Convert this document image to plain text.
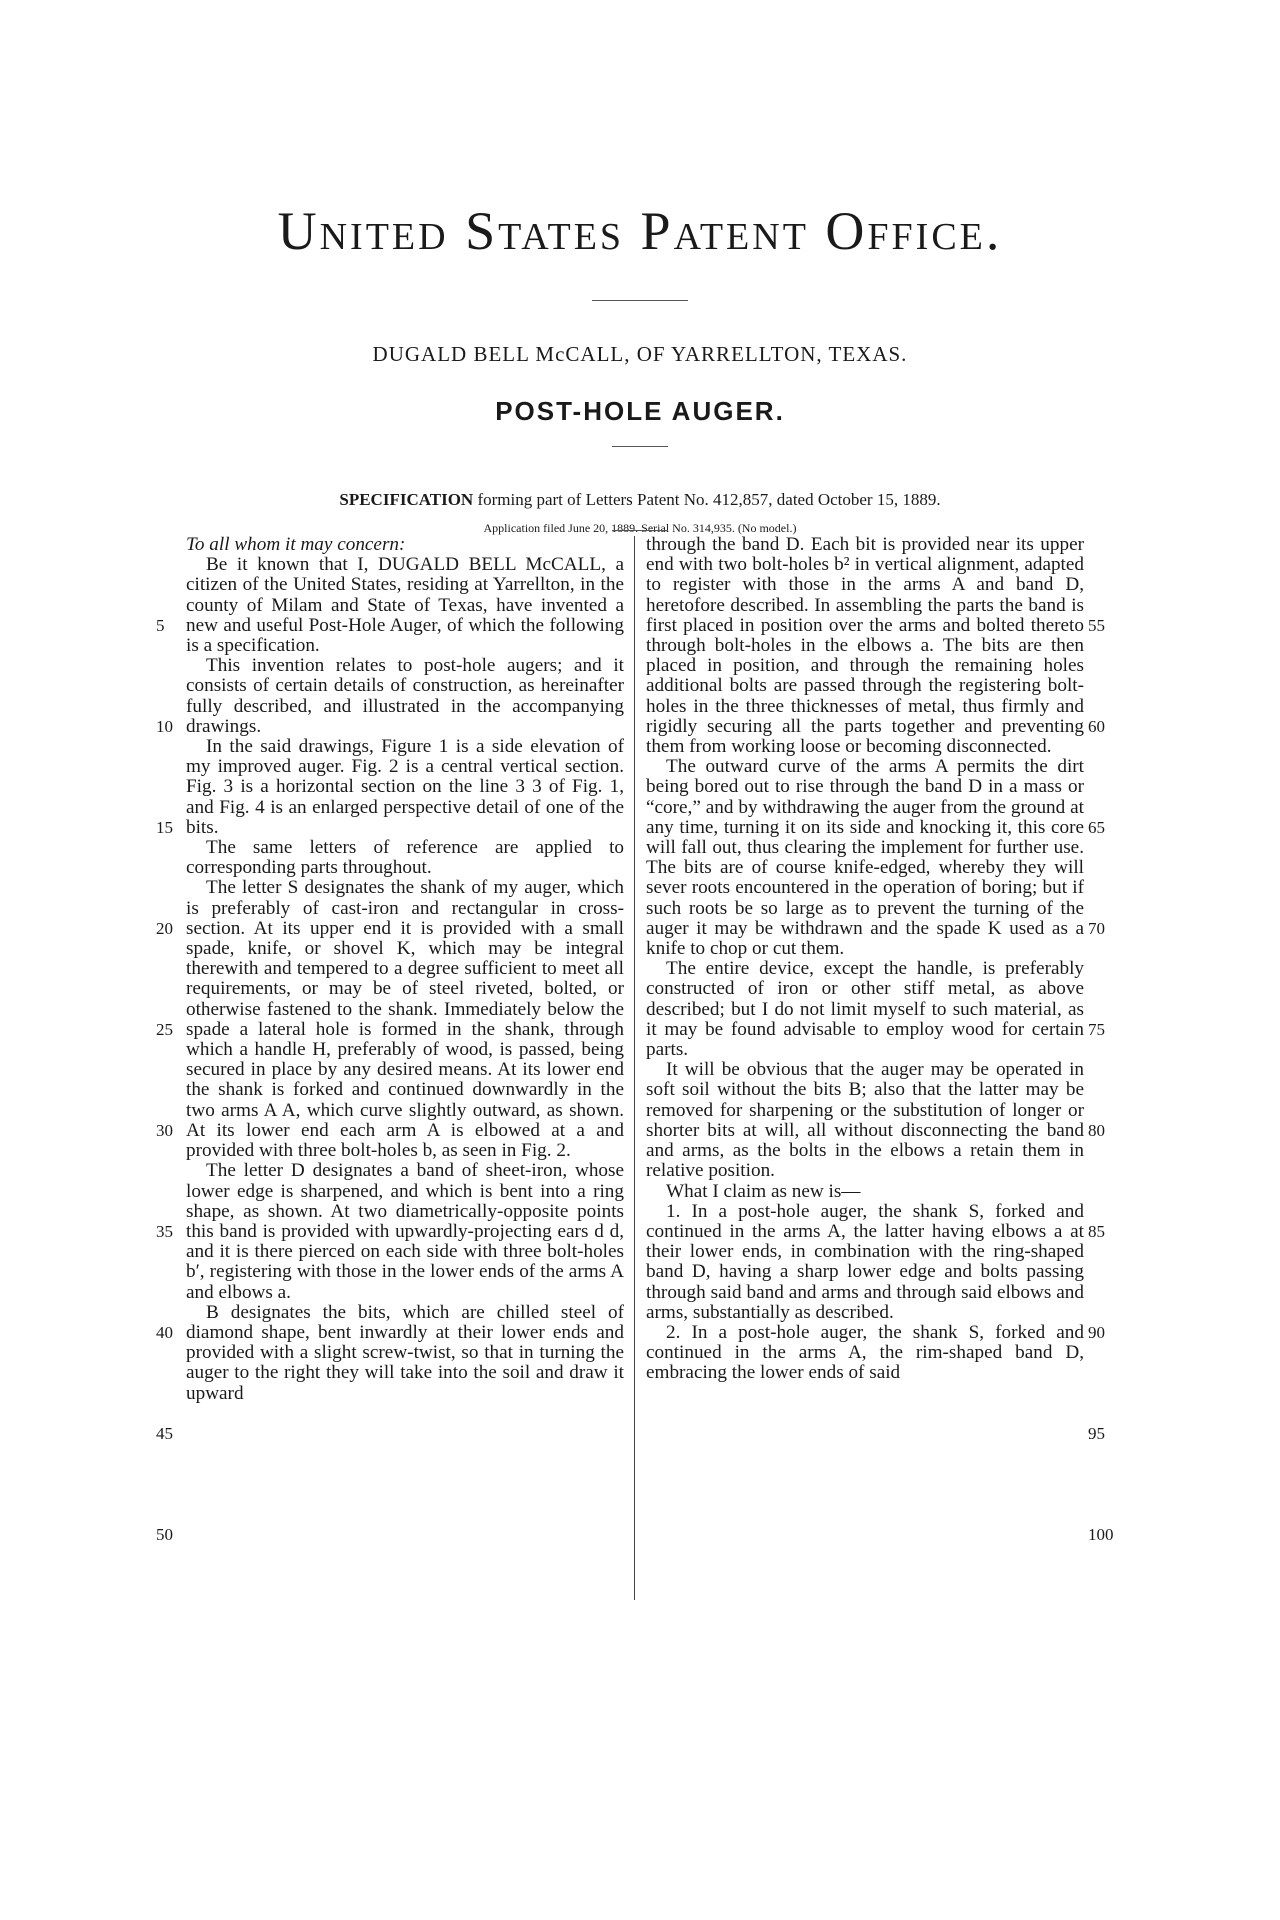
United States Patent Office.
DUGALD BELL McCALL, OF YARRELLTON, TEXAS.
POST-HOLE AUGER.
SPECIFICATION forming part of Letters Patent No. 412,857, dated October 15, 1889.
Application filed June 20, 1889. Serial No. 314,935. (No model.)

To all whom it may concern:

Be it known that I, DUGALD BELL McCALL, a citizen of the United States, residing at Yarrellton, in the county of Milam and State of Texas, have invented a new and useful Post-Hole Auger, of which the following is a specification.

This invention relates to post-hole augers; and it consists of certain details of construction, as hereinafter fully described, and illustrated in the accompanying drawings.

In the said drawings, Figure 1 is a side elevation of my improved auger. Fig. 2 is a central vertical section. Fig. 3 is a horizontal section on the line 3 3 of Fig. 1, and Fig. 4 is an enlarged perspective detail of one of the bits.

The same letters of reference are applied to corresponding parts throughout.

The letter S designates the shank of my auger, which is preferably of cast-iron and rectangular in cross-section. At its upper end it is provided with a small spade, knife, or shovel K, which may be integral therewith and tempered to a degree sufficient to meet all requirements, or may be of steel riveted, bolted, or otherwise fastened to the shank. Immediately below the spade a lateral hole is formed in the shank, through which a handle H, preferably of wood, is passed, being secured in place by any desired means. At its lower end the shank is forked and continued downwardly in the two arms A A, which curve slightly outward, as shown. At its lower end each arm A is elbowed at a and provided with three bolt-holes b, as seen in Fig. 2.

The letter D designates a band of sheet-iron, whose lower edge is sharpened, and which is bent into a ring shape, as shown. At two diametrically-opposite points this band is provided with upwardly-projecting ears d d, and it is there pierced on each side with three bolt-holes b′, registering with those in the lower ends of the arms A and elbows a.

B designates the bits, which are chilled steel of diamond shape, bent inwardly at their lower ends and provided with a slight screw-twist, so that in turning the auger to the right they will take into the soil and draw it upward

through the band D. Each bit is provided near its upper end with two bolt-holes b² in vertical alignment, adapted to register with those in the arms A and band D, heretofore described. In assembling the parts the band is first placed in position over the arms and bolted thereto through bolt-holes in the elbows a. The bits are then placed in position, and through the remaining holes additional bolts are passed through the registering bolt-holes in the three thicknesses of metal, thus firmly and rigidly securing all the parts together and preventing them from working loose or becoming disconnected.

The outward curve of the arms A permits the dirt being bored out to rise through the band D in a mass or “core,” and by withdrawing the auger from the ground at any time, turning it on its side and knocking it, this core will fall out, thus clearing the implement for further use. The bits are of course knife-edged, whereby they will sever roots encountered in the operation of boring; but if such roots be so large as to prevent the turning of the auger it may be withdrawn and the spade K used as a knife to chop or cut them.

The entire device, except the handle, is preferably constructed of iron or other stiff metal, as above described; but I do not limit myself to such material, as it may be found advisable to employ wood for certain parts.

It will be obvious that the auger may be operated in soft soil without the bits B; also that the latter may be removed for sharpening or the substitution of longer or shorter bits at will, all without disconnecting the band and arms, as the bolts in the elbows a retain them in relative position.

What I claim as new is—

1. In a post-hole auger, the shank S, forked and continued in the arms A, the latter having elbows a at their lower ends, in combination with the ring-shaped band D, having a sharp lower edge and bolts passing through said band and arms and through said elbows and arms, substantially as described.

2. In a post-hole auger, the shank S, forked and continued in the arms A, the rim-shaped band D, embracing the lower ends of said

5
10
15
20
25
30
35
40
45
50
55
60
65
70
75
80
85
90
95
100
